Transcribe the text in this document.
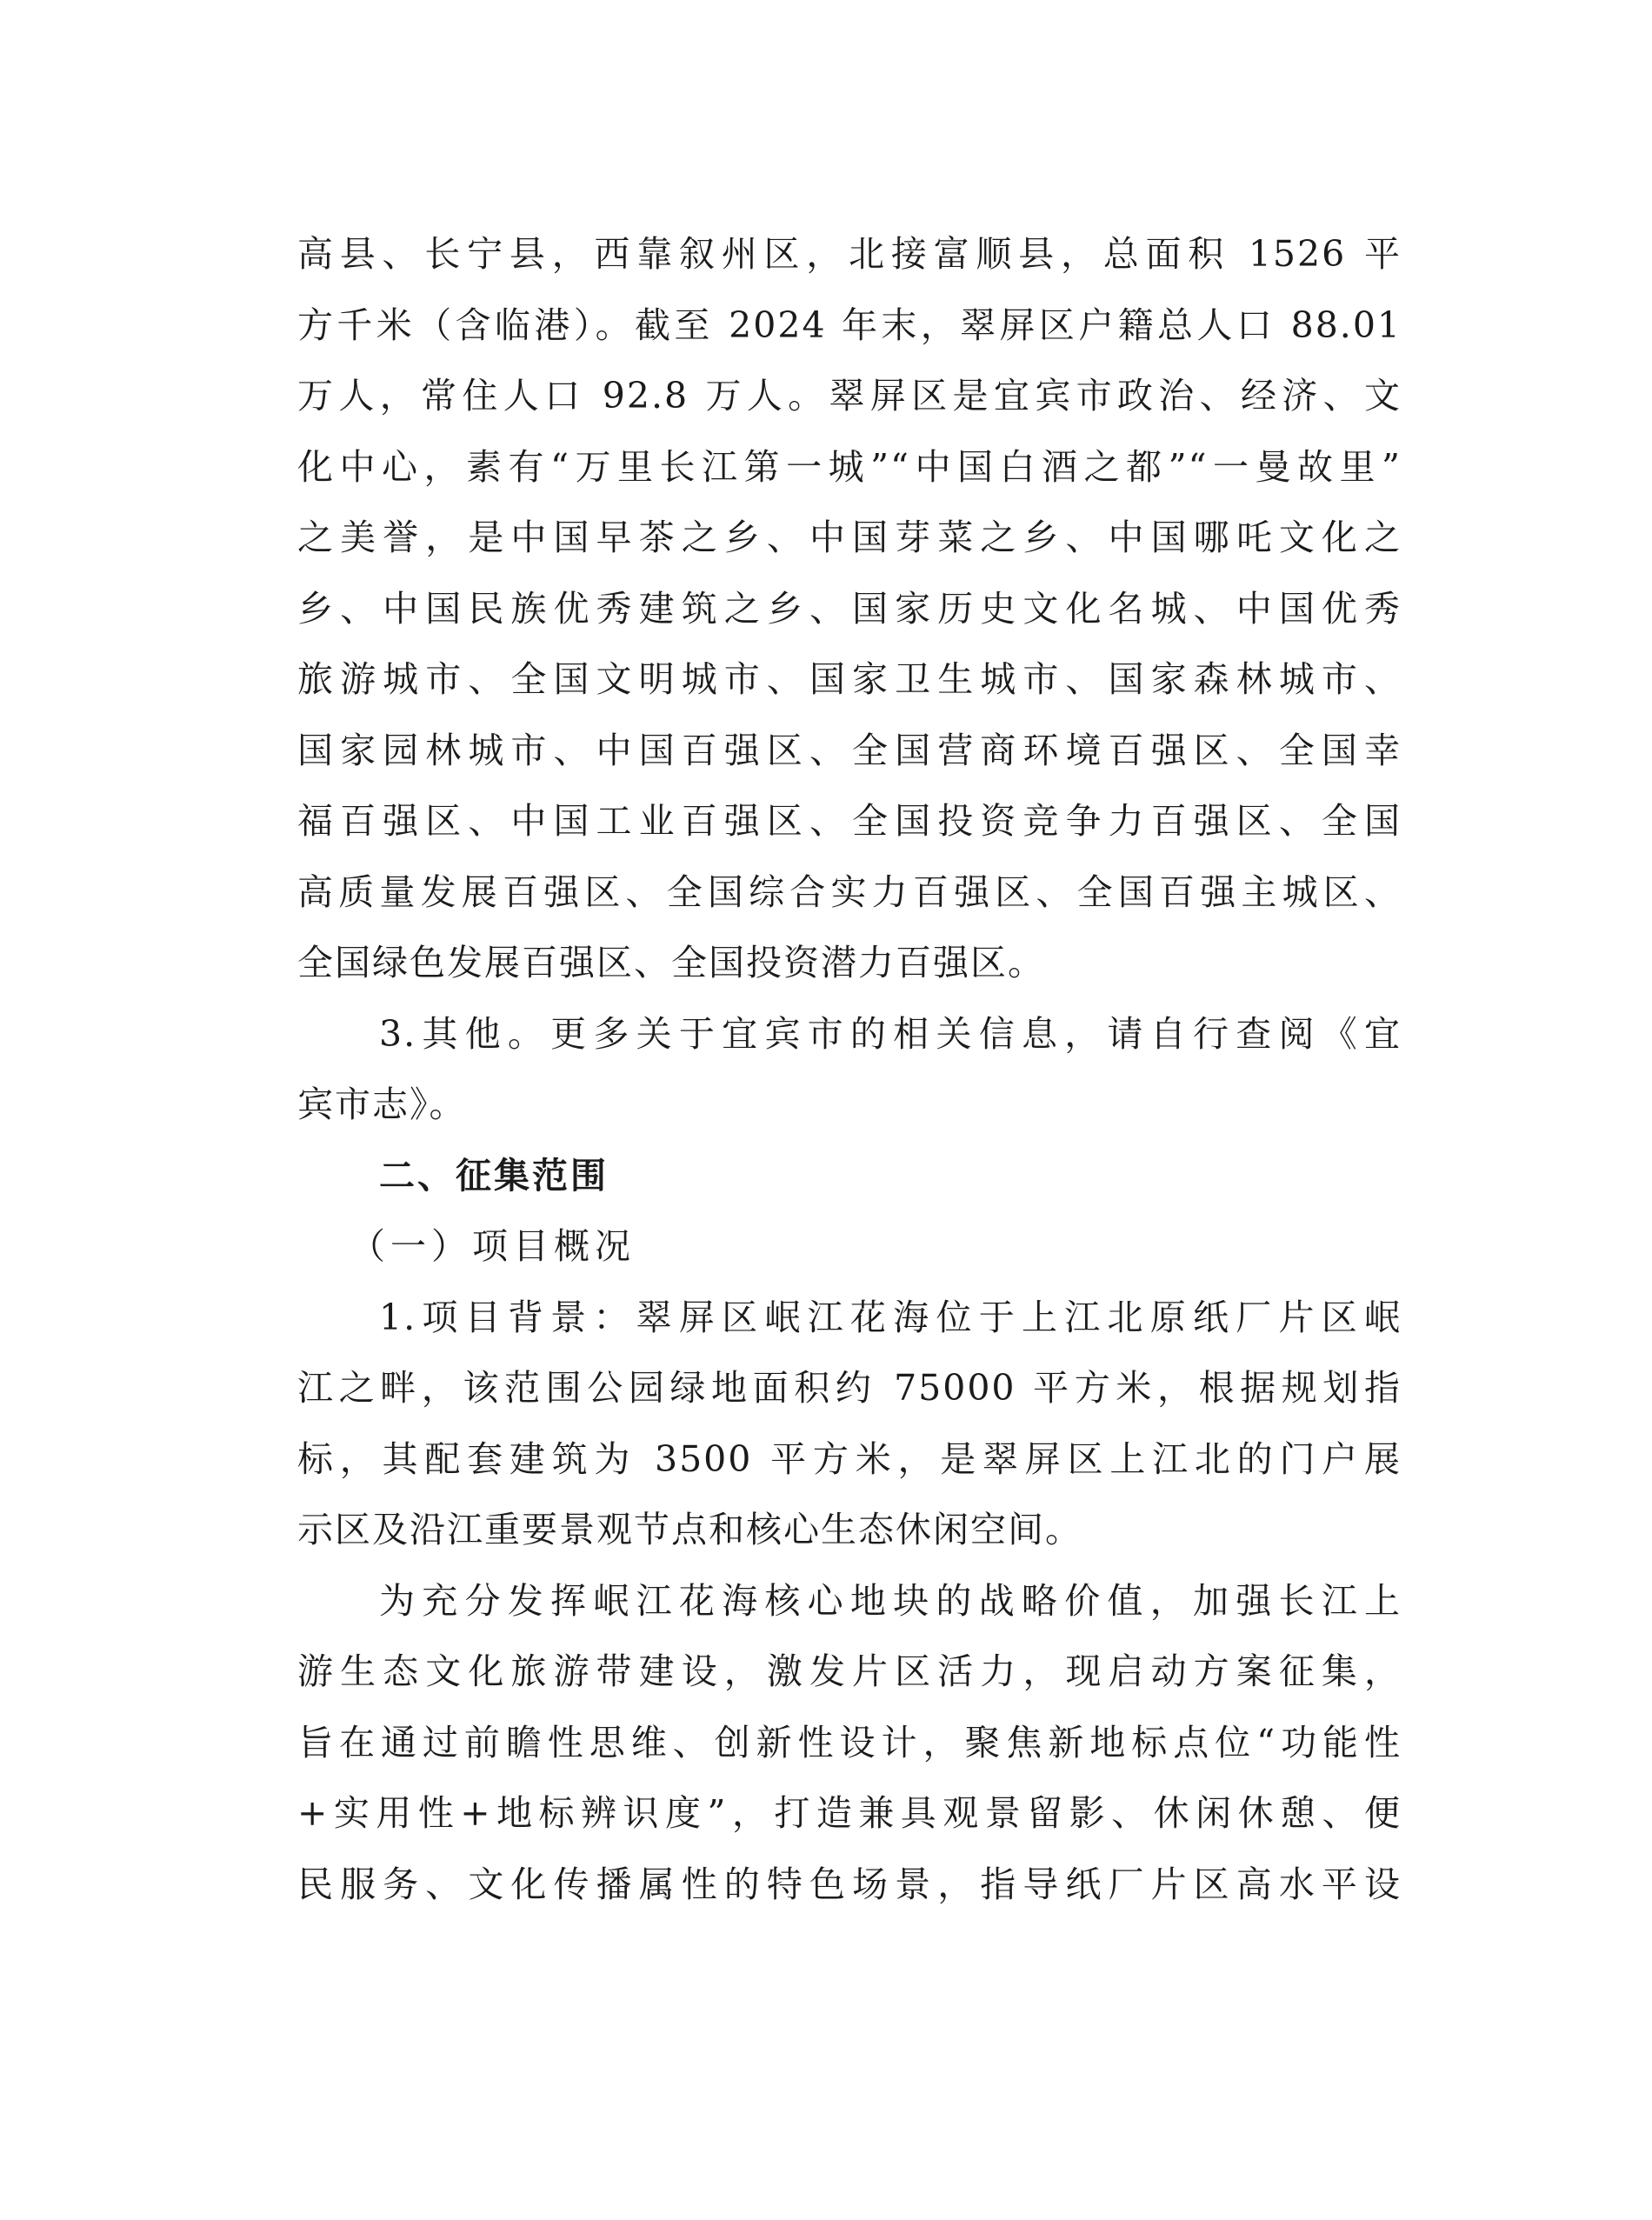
高县、长宁县，西靠叙州区，北接富顺县，总面积 1526 平
方千米（含临港）。截至 2024 年末，翠屏区户籍总人口 88.01
万人，常住人口 92.8 万人。翠屏区是宜宾市政治、经济、文
化中心，素有“万里长江第一城”“中国白酒之都”“一曼故里”
之美誉，是中国早茶之乡、中国芽菜之乡、中国哪吒文化之
乡、中国民族优秀建筑之乡、国家历史文化名城、中国优秀
旅游城市、全国文明城市、国家卫生城市、国家森林城市、
国家园林城市、中国百强区、全国营商环境百强区、全国幸
福百强区、中国工业百强区、全国投资竞争力百强区、全国
高质量发展百强区、全国综合实力百强区、全国百强主城区、
全国绿色发展百强区、全国投资潜力百强区。
3.其他。更多关于宜宾市的相关信息，请自行查阅《宜
宾市志》。
二、征集范围
（一）项目概况
1.项目背景：翠屏区岷江花海位于上江北原纸厂片区岷
江之畔，该范围公园绿地面积约 75000 平方米，根据规划指
标，其配套建筑为 3500 平方米，是翠屏区上江北的门户展
示区及沿江重要景观节点和核心生态休闲空间。
为充分发挥岷江花海核心地块的战略价值，加强长江上
游生态文化旅游带建设，激发片区活力，现启动方案征集，
旨在通过前瞻性思维、创新性设计，聚焦新地标点位“功能性
+实用性+地标辨识度”，打造兼具观景留影、休闲休憩、便
民服务、文化传播属性的特色场景，指导纸厂片区高水平设
